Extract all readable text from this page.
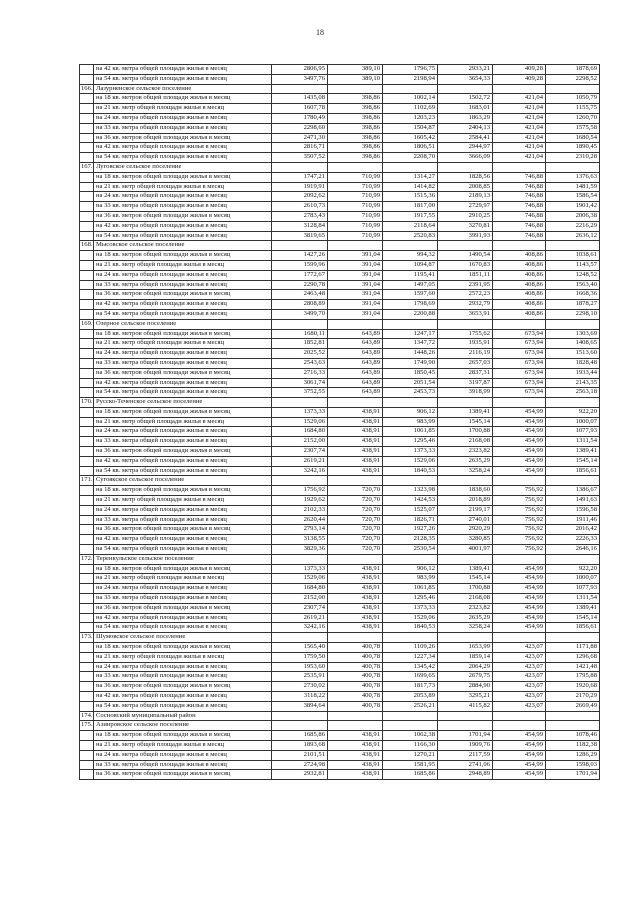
18
	на 42 кв. метра общей площади жилья в месяц	2806,95	389,10	1796,75	2933,21	409,28	1878,69
	на 54 кв. метра общей площади жилья в месяц	3497,76	389,10	2198,94	3654,33	409,28	2298,52
166.	Лазурненское сельское поселение						
	на 18 кв. метров общей площади жилья в месяц	1435,08	398,86	1002,14	1502,72	421,04	1050,79
	на 21 кв. метр общей площади жилья в месяц	1607,78	398,86	1102,69	1683,01	421,04	1155,75
	на 24 кв. метра общей площади жилья в месяц	1780,49	398,86	1203,23	1863,29	421,04	1260,70
	на 33 кв. метра общей площади жилья в месяц	2298,60	398,86	1504,87	2404,13	421,04	1575,58
	на 36 кв. метров общей площади жилья в месяц	2471,30	398,86	1605,42	2584,41	421,04	1680,54
	на 42 кв. метра общей площади жилья в месяц	2816,71	398,86	1806,51	2944,97	421,04	1890,45
	на 54 кв. метра общей площади жилья в месяц	3507,52	398,86	2208,70	3666,09	421,04	2310,28
167.	Луговское сельское поселение						
	на 18 кв. метров общей площади жилья в месяц	1747,21	710,99	1314,27	1828,56	746,88	1376,63
	на 21 кв. метр общей площади жилья в месяц	1919,91	710,99	1414,82	2008,85	746,88	1481,59
	на 24 кв. метра общей площади жилья в месяц	2092,62	710,99	1515,36	2189,13	746,88	1586,54
	на 33 кв. метра общей площади жилья в месяц	2610,73	710,99	1817,00	2729,97	746,88	1901,42
	на 36 кв. метров общей площади жилья в месяц	2783,43	710,99	1917,55	2910,25	746,88	2006,38
	на 42 кв. метра общей площади жилья в месяц	3128,84	710,99	2118,64	3270,81	746,88	2216,29
	на 54 кв. метра общей площади жилья в месяц	3819,65	710,99	2520,83	3991,93	746,88	2636,12
168.	Мысовское сельское поселение						
	на 18 кв. метров общей площади жилья в месяц	1427,26	391,04	994,32	1490,54	408,86	1038,61
	на 21 кв. метр общей площади жилья в месяц	1599,96	391,04	1094,87	1670,83	408,86	1143,57
	на 24 кв. метра общей площади жилья в месяц	1772,67	391,04	1195,41	1851,11	408,86	1248,52
	на 33 кв. метра общей площади жилья в месяц	2290,78	391,04	1497,05	2391,95	408,86	1563,40
	на 36 кв. метров общей площади жилья в месяц	2463,48	391,04	1597,60	2572,23	408,86	1668,36
	на 42 кв. метра общей площади жилья в месяц	2808,89	391,04	1798,69	2932,79	408,86	1878,27
	на 54 кв. метра общей площади жилья в месяц	3499,70	391,04	2200,88	3653,91	408,86	2298,10
169.	Озерное сельское поселение						
	на 18 кв. метров общей площади жилья в месяц	1680,11	643,89	1247,17	1755,62	673,94	1303,69
	на 21 кв. метр общей площади жилья в месяц	1852,81	643,89	1347,72	1935,91	673,94	1408,65
	на 24 кв. метра общей площади жилья в месяц	2025,52	643,89	1448,26	2116,19	673,94	1513,60
	на 33 кв. метра общей площади жилья в месяц	2543,63	643,89	1749,90	2657,03	673,94	1828,48
	на 36 кв. метров общей площади жилья в месяц	2716,33	643,89	1850,45	2837,31	673,94	1933,44
	на 42 кв. метра общей площади жилья в месяц	3061,74	643,89	2051,54	3197,87	673,94	2143,35
	на 54 кв. метра общей площади жилья в месяц	3752,55	643,89	2453,73	3918,99	673,94	2563,18
170.	Русско-Теченское сельское поселение						
	на 18 кв. метров общей площади жилья в месяц	1373,33	438,91	906,12	1389,41	454,99	922,20
	на 21 кв. метр общей площади жилья в месяц	1529,06	438,91	983,99	1545,14	454,99	1000,07
	на 24 кв. метра общей площади жилья в месяц	1684,80	438,91	1061,85	1700,88	454,99	1077,93
	на 33 кв. метра общей площади жилья в месяц	2152,00	438,91	1295,46	2168,08	454,99	1311,54
	на 36 кв. метров общей площади жилья в месяц	2307,74	438,91	1373,33	2323,82	454,99	1389,41
	на 42 кв. метра общей площади жилья в месяц	2619,21	438,91	1529,06	2635,29	454,99	1545,14
	на 54 кв. метра общей площади жилья в месяц	3242,16	438,91	1840,53	3258,24	454,99	1856,61
171.	Сугоякское сельское поселение						
	на 18 кв. метров общей площади жилья в месяц	1756,92	720,70	1323,98	1838,60	756,92	1386,67
	на 21 кв. метр общей площади жилья в месяц	1929,62	720,70	1424,53	2018,89	756,92	1491,63
	на 24 кв. метра общей площади жилья в месяц	2102,33	720,70	1525,07	2199,17	756,92	1596,58
	на 33 кв. метра общей площади жилья в месяц	2620,44	720,70	1826,71	2740,01	756,92	1911,46
	на 36 кв. метров общей площади жилья в месяц	2793,14	720,70	1927,26	2920,29	756,92	2016,42
	на 42 кв. метра общей площади жилья в месяц	3138,55	720,70	2128,35	3280,85	756,92	2226,33
	на 54 кв. метра общей площади жилья в месяц	3829,36	720,70	2530,54	4001,97	756,92	2646,16
172.	Теренкульское сельское поселение						
	на 18 кв. метров общей площади жилья в месяц	1373,33	438,91	906,12	1389,41	454,99	922,20
	на 21 кв. метр общей площади жилья в месяц	1529,06	438,91	983,99	1545,14	454,99	1000,07
	на 24 кв. метра общей площади жилья в месяц	1684,80	438,91	1061,85	1700,88	454,99	1077,93
	на 33 кв. метра общей площади жилья в месяц	2152,00	438,91	1295,46	2168,08	454,99	1311,54
	на 36 кв. метров общей площади жилья в месяц	2307,74	438,91	1373,33	2323,82	454,99	1389,41
	на 42 кв. метра общей площади жилья в месяц	2619,21	438,91	1529,06	2635,29	454,99	1545,14
	на 54 кв. метра общей площади жилья в месяц	3242,16	438,91	1840,53	3258,24	454,99	1856,61
173.	Шумовское сельское поселение						
	на 18 кв. метров общей площади жилья в месяц	1565,40	400,78	1109,26	1653,99	423,07	1171,88
	на 21 кв. метр общей площади жилья в месяц	1759,50	400,78	1227,34	1859,14	423,07	1296,68
	на 24 кв. метра общей площади жилья в месяц	1953,60	400,78	1345,42	2064,29	423,07	1421,48
	на 33 кв. метра общей площади жилья в месяц	2535,91	400,78	1699,65	2679,75	423,07	1795,88
	на 36 кв. метров общей площади жилья в месяц	2730,02	400,78	1817,73	2884,90	423,07	1920,68
	на 42 кв. метра общей площади жилья в месяц	3118,22	400,78	2053,89	3295,21	423,07	2170,29
	на 54 кв. метра общей площади жилья в месяц	3894,64	400,78	2526,21	4115,82	423,07	2669,49
174.	Сосновский муниципальный район						
175.	Азинровское сельское поселение						
	на 18 кв. метров общей площади жилья в месяц	1685,86	438,91	1062,38	1701,94	454,99	1078,46
	на 21 кв. метр общей площади жилья в месяц	1893,68	438,91	1166,30	1909,76	454,99	1182,38
	на 24 кв. метра общей площади жилья в месяц	2101,51	438,91	1270,21	2117,59	454,99	1286,29
	на 33 кв. метра общей площади жилья в месяц	2724,98	438,91	1581,95	2741,06	454,99	1598,03
	на 36 кв. метров общей площади жилья в месяц	2932,81	438,91	1685,86	2948,89	454,99	1701,94
